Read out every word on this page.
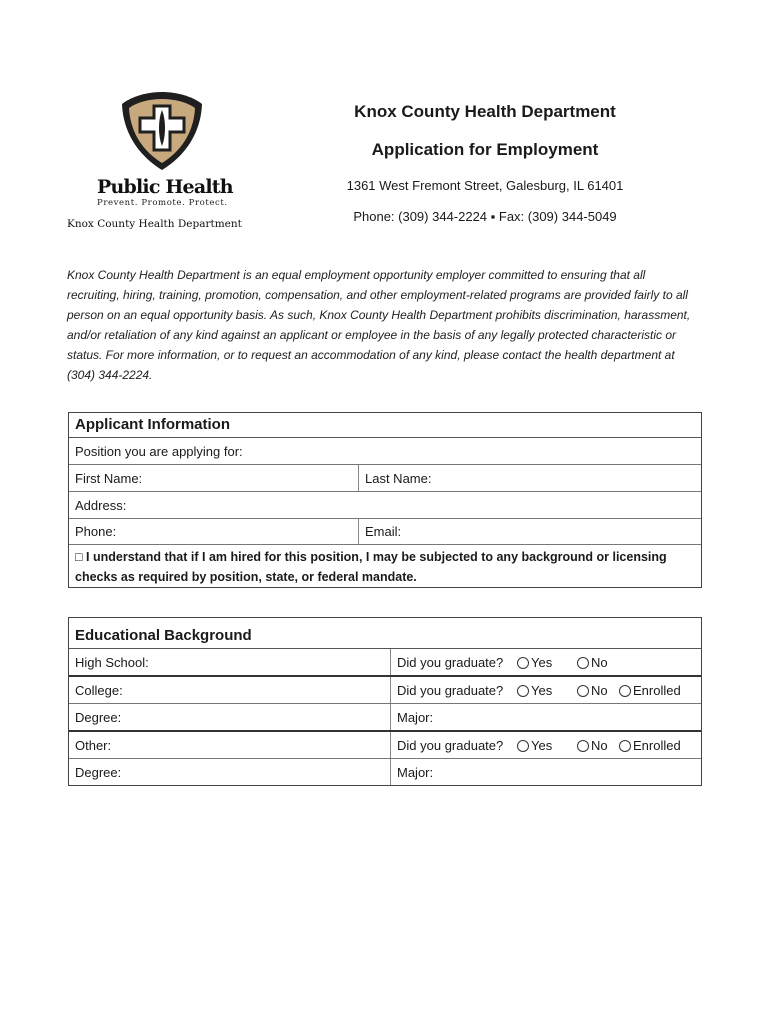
Public Health
Prevent. Promote. Protect.
Knox County Health Department
Knox County Health Department
Application for Employment
1361 West Fremont Street, Galesburg, IL 61401
Phone: (309) 344-2224 ▪ Fax: (309) 344-5049
Knox County Health Department is an equal employment opportunity employer committed to ensuring that all recruiting, hiring, training, promotion, compensation, and other employment-related programs are provided fairly to all person on an equal opportunity basis. As such, Knox County Health Department prohibits discrimination, harassment, and/or retaliation of any kind against an applicant or employee in the basis of any legally protected characteristic or status. For more information, or to request an accommodation of any kind, please contact the health department at (304) 344-2224.
Applicant Information
Position you are applying for:
First Name:	Last Name:
Address:
Phone:	Email:
□ I understand that if I am hired for this position, I may be subjected to any background or licensing checks as required by position, state, or federal mandate.
Educational Background
High School:	Did you graduate? Yes	No
College:	Did you graduate? Yes	No Enrolled
Degree:	Major:
Other:	Did you graduate? Yes	No Enrolled
Degree:	Major:
